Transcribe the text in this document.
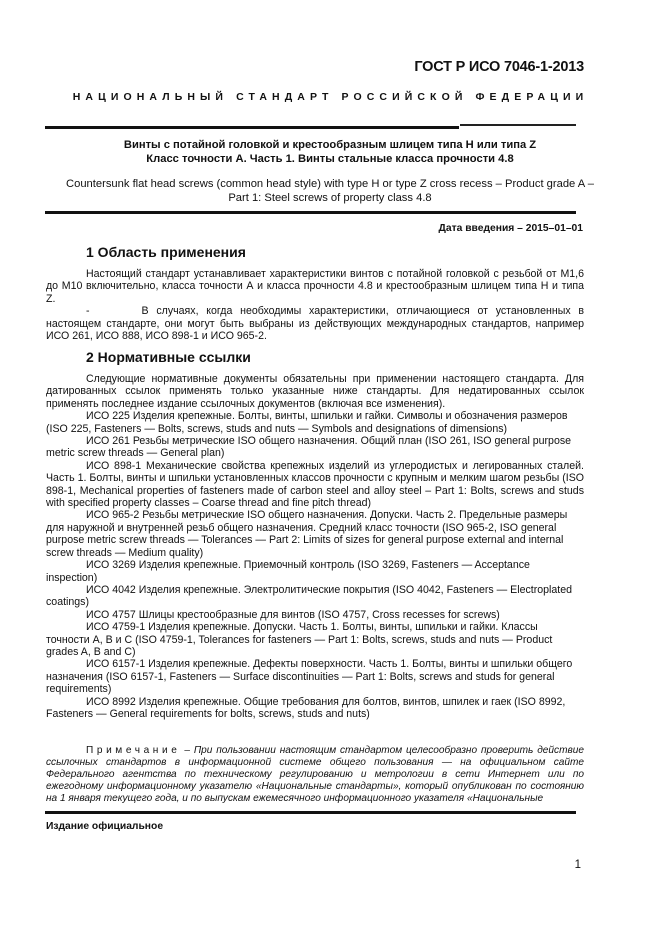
ГОСТ Р ИСО 7046-1-2013
НАЦИОНАЛЬНЫЙ СТАНДАРТ РОССИЙСКОЙ ФЕДЕРАЦИИ
Винты с потайной головкой и крестообразным шлицем типа H или типа Z
Класс точности А. Часть 1. Винты стальные класса прочности 4.8
Countersunk flat head screws (common head style) with type H or type Z cross recess – Product grade A –
Part 1: Steel screws of property class 4.8
Дата введения – 2015–01–01
1 Область применения

Настоящий стандарт устанавливает характеристики винтов с потайной головкой с резьбой от М1,6 до М10 включительно, класса точности А и класса прочности 4.8 и крестообразным шлицем типа H и типа Z.

-	В случаях, когда необходимы характеристики, отличающиеся от установленных в настоящем стандарте, они могут быть выбраны из действующих международных стандартов, например ИСО 261, ИСО 888, ИСО 898-1 и ИСО 965-2.

2 Нормативные ссылки

Следующие нормативные документы обязательны при применении настоящего стандарта. Для датированных ссылок применять только указанные ниже стандарты. Для недатированных ссылок применять последнее издание ссылочных документов (включая все изменения).

ИСО 225 Изделия крепежные. Болты, винты, шпильки и гайки. Символы и обозначения размеров (ISO 225, Fasteners — Bolts, screws, studs and nuts — Symbols and designations of dimensions)

ИСО 261 Резьбы метрические ISO общего назначения. Общий план (ISO 261, ISO general purpose metric screw threads — General plan)

ИСО 898-1 Механические свойства крепежных изделий из углеродистых и легированных сталей. Часть 1. Болты, винты и шпильки установленных классов прочности с крупным и мелким шагом резьбы (ISO 898-1, Mechanical properties of fasteners made of carbon steel and alloy steel – Part 1: Bolts, screws and studs with specified property classes – Coarse thread and fine pitch thread)

ИСО 965-2 Резьбы метрические ISO общего назначения. Допуски. Часть 2. Предельные размеры для наружной и внутренней резьб общего назначения. Средний класс точности (ISO 965-2, ISO general purpose metric screw threads — Tolerances — Part 2: Limits of sizes for general purpose external and internal screw threads — Medium quality)

ИСО 3269 Изделия крепежные. Приемочный контроль (ISO 3269, Fasteners — Acceptance inspection)

ИСО 4042 Изделия крепежные. Электролитические покрытия (ISO 4042, Fasteners — Electroplated coatings)

ИСО 4757 Шлицы крестообразные для винтов (ISO 4757, Cross recesses for screws)

ИСО 4759-1 Изделия крепежные. Допуски. Часть 1. Болты, винты, шпильки и гайки. Классы точности А, В и С (ISO 4759-1, Tolerances for fasteners — Part 1: Bolts, screws, studs and nuts — Product grades A, B and C)

ИСО 6157-1 Изделия крепежные. Дефекты поверхности. Часть 1. Болты, винты и шпильки общего назначения (ISO 6157-1, Fasteners — Surface discontinuities — Part 1: Bolts, screws and studs for general requirements)

ИСО 8992 Изделия крепежные. Общие требования для болтов, винтов, шпилек и гаек (ISO 8992, Fasteners — General requirements for bolts, screws, studs and nuts)

Примечание – При пользовании настоящим стандартом целесообразно проверить действие ссылочных стандартов в информационной системе общего пользования — на официальном сайте Федерального агентства по техническому регулированию и метрологии в сети Интернет или по ежегодному информационному указателю «Национальные стандарты», который опубликован по состоянию на 1 января текущего года, и по выпускам ежемесячного информационного указателя «Национальные
Издание официальное
1
